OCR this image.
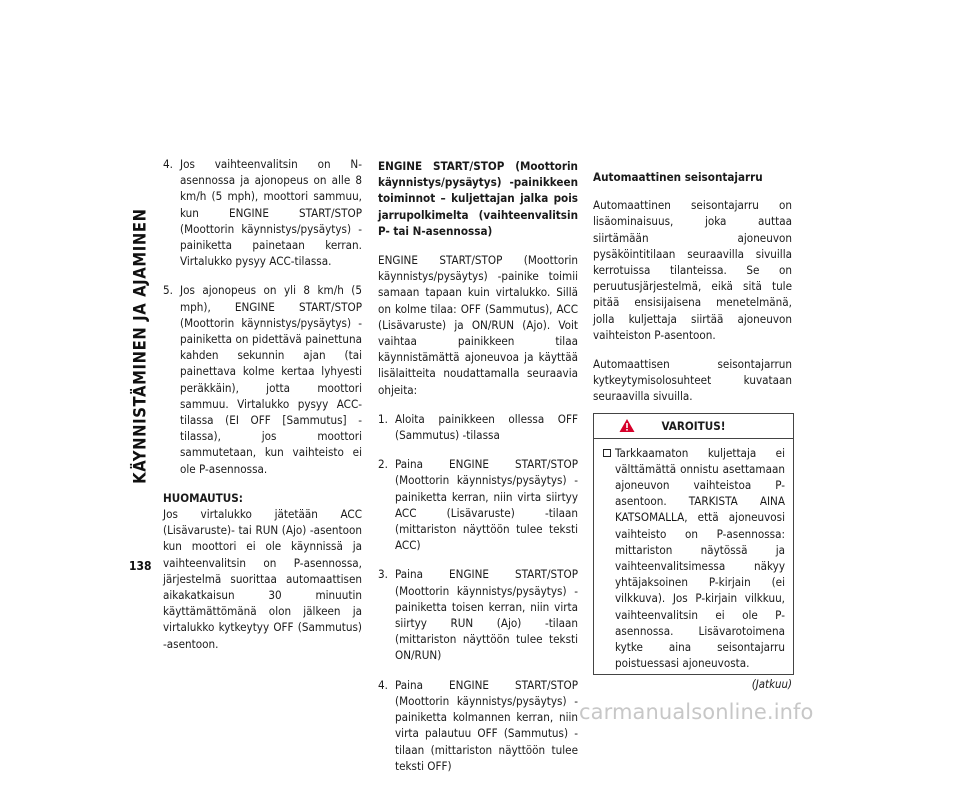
KÄYNNISTÄMINEN JA AJAMINEN
138
4. Jos vaihteenvalitsin on N-asennossa ja ajonopeus on alle 8 km/h (5 mph), moottori sammuu, kun ENGINE START/STOP (Moottorin käynnistys/pysäytys) -painiketta painetaan kerran. Virtalukko pysyy ACC-tilassa.
5. Jos ajonopeus on yli 8 km/h (5 mph), ENGINE START/STOP (Moottorin käynnistys/pysäytys) -painiketta on pidettävä painettuna kahden sekunnin ajan (tai painettava kolme kertaa lyhyesti peräkkäin), jotta moottori sammuu. Virtalukko pysyy ACC-tilassa (EI OFF [Sammutus] -tilassa), jos moottori sammutetaan, kun vaihteisto ei ole P-asennossa.

HUOMAUTUS:

Jos virtalukko jätetään ACC (Lisävaruste)- tai RUN (Ajo) -asentoon kun moottori ei ole käynnissä ja vaihteenvalitsin on P-asennossa, järjestelmä suorittaa automaattisen aikakatkaisun 30 minuutin käyttämättömänä olon jälkeen ja virtalukko kytkeytyy OFF (Sammutus) -asentoon.

ENGINE START/STOP (Moottorin käynnistys/pysäytys) -painikkeen toiminnot – kuljettajan jalka pois jarrupolkimelta (vaihteenvalitsin P- tai N-asennossa)

ENGINE START/STOP (Moottorin käynnistys/pysäytys) -painike toimii samaan tapaan kuin virtalukko. Sillä on kolme tilaa: OFF (Sammutus), ACC (Lisävaruste) ja ON/RUN (Ajo). Voit vaihtaa painikkeen tilaa käynnistämättä ajoneuvoa ja käyttää lisälaitteita noudattamalla seuraavia ohjeita:

1. Aloita painikkeen ollessa OFF (Sammutus) -tilassa
2. Paina ENGINE START/STOP (Moottorin käynnistys/pysäytys) -painiketta kerran, niin virta siirtyy ACC (Lisävaruste) -tilaan (mittariston näyttöön tulee teksti ACC)
3. Paina ENGINE START/STOP (Moottorin käynnistys/pysäytys) -painiketta toisen kerran, niin virta siirtyy RUN (Ajo) -tilaan (mittariston näyttöön tulee teksti ON/RUN)
4. Paina ENGINE START/STOP (Moottorin käynnistys/pysäytys) -painiketta kolmannen kerran, niin virta palautuu OFF (Sammutus) -tilaan (mittariston näyttöön tulee teksti OFF)

Automaattinen seisontajarru

Automaattinen seisontajarru on lisäominaisuus, joka auttaa siirtämään ajoneuvon pysäköintitilaan seuraavilla sivuilla kerrotuissa tilanteissa. Se on peruutusjärjestelmä, eikä sitä tule pitää ensisijaisena menetelmänä, jolla kuljettaja siirtää ajoneuvon vaihteiston P-asentoon.

Automaattisen seisontajarrun kytkeytymisolosuhteet kuvataan seuraavilla sivuilla.

VAROITUS!

Tarkkaamaton kuljettaja ei välttämättä onnistu asettamaan ajoneuvon vaihteistoa P-asentoon. TARKISTA AINA KATSOMALLA, että ajoneuvosi vaihteisto on P-asennossa: mittariston näytössä ja vaihteenvalitsimessa näkyy yhtäjaksoinen P-kirjain (ei vilkkuva). Jos P-kirjain vilkkuu, vaihteenvalitsin ei ole P-asennossa. Lisävarotoimena kytke aina seisontajarru poistuessasi ajoneuvosta.

(Jatkuu)
carmanualsonline.info
